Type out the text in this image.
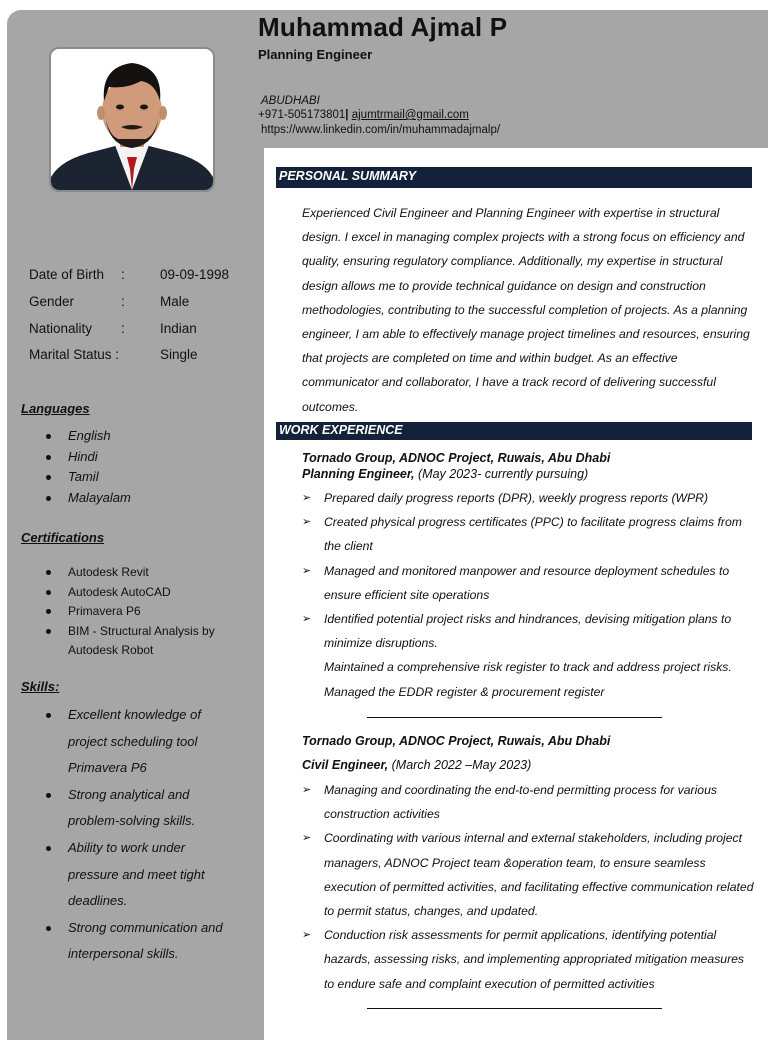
Muhammad Ajmal P
Planning Engineer
ABUDHABI
+971-505173801| ajumtrmail@gmail.com
https://www.linkedin.com/in/muhammadajmalp/
Date of Birth :	09-09-1998
Gender	:	Male
Nationality :	Indian
Marital Status :	Single
Languages
English
Hindi
Tamil
Malayalam
Certifications
Autodesk Revit
Autodesk AutoCAD
Primavera P6
BIM - Structural Analysis by Autodesk Robot
Skills:
Excellent knowledge of project scheduling tool Primavera P6
Strong analytical and problem-solving skills.
Ability to work under pressure and meet tight deadlines.
Strong communication and interpersonal skills.
PERSONAL SUMMARY

Experienced Civil Engineer and Planning Engineer with expertise in structural design. I excel in managing complex projects with a strong focus on efficiency and quality, ensuring regulatory compliance. Additionally, my expertise in structural design allows me to provide technical guidance on design and construction methodologies, contributing to the successful completion of projects. As a planning engineer, I am able to effectively manage project timelines and resources, ensuring that projects are completed on time and within budget. As an effective communicator and collaborator, I have a track record of delivering successful outcomes.

WORK EXPERIENCE
Tornado Group, ADNOC Project, Ruwais, Abu Dhabi
Planning Engineer, (May 2023- currently pursuing)
➢ Prepared daily progress reports (DPR), weekly progress reports (WPR)
➢ Created physical progress certificates (PPC) to facilitate progress claims from the client
➢ Managed and monitored manpower and resource deployment schedules to ensure efficient site operations
➢ Identified potential project risks and hindrances, devising mitigation plans to minimize disruptions.
Maintained a comprehensive risk register to track and address project risks.
Managed the EDDR register & procurement register
Tornado Group, ADNOC Project, Ruwais, Abu Dhabi
Civil Engineer, (March 2022 –May 2023)
➢ Managing and coordinating the end-to-end permitting process for various construction activities
➢ Coordinating with various internal and external stakeholders, including project managers, ADNOC Project team &operation team, to ensure seamless execution of permitted activities, and facilitating effective communication related to permit status, changes, and updated.
➢ Conduction risk assessments for permit applications, identifying potential hazards, assessing risks, and implementing appropriated mitigation measures to endure safe and complaint execution of permitted activities
